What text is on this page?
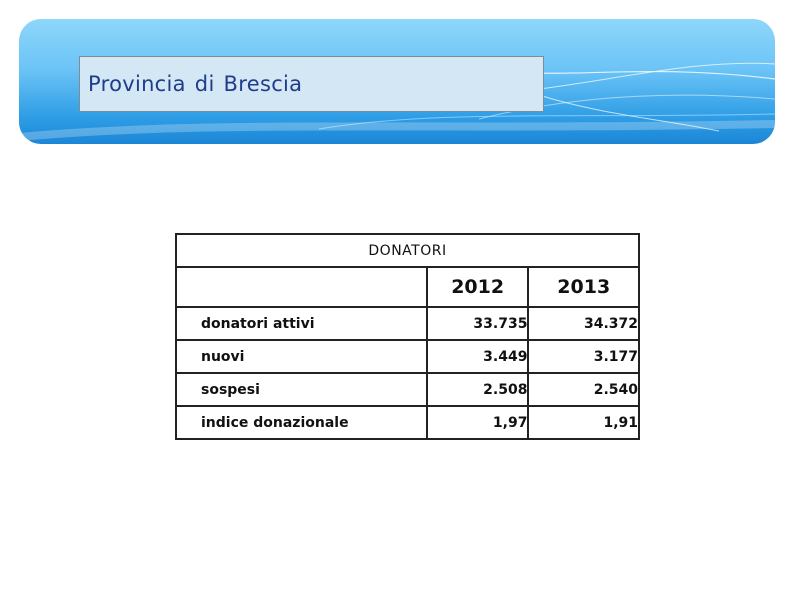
Provincia di Brescia
DONATORI		
	2012	2013
donatori attivi	33.735	34.372
nuovi	3.449	3.177
sospesi	2.508	2.540
indice donazionale	1,97	1,91
